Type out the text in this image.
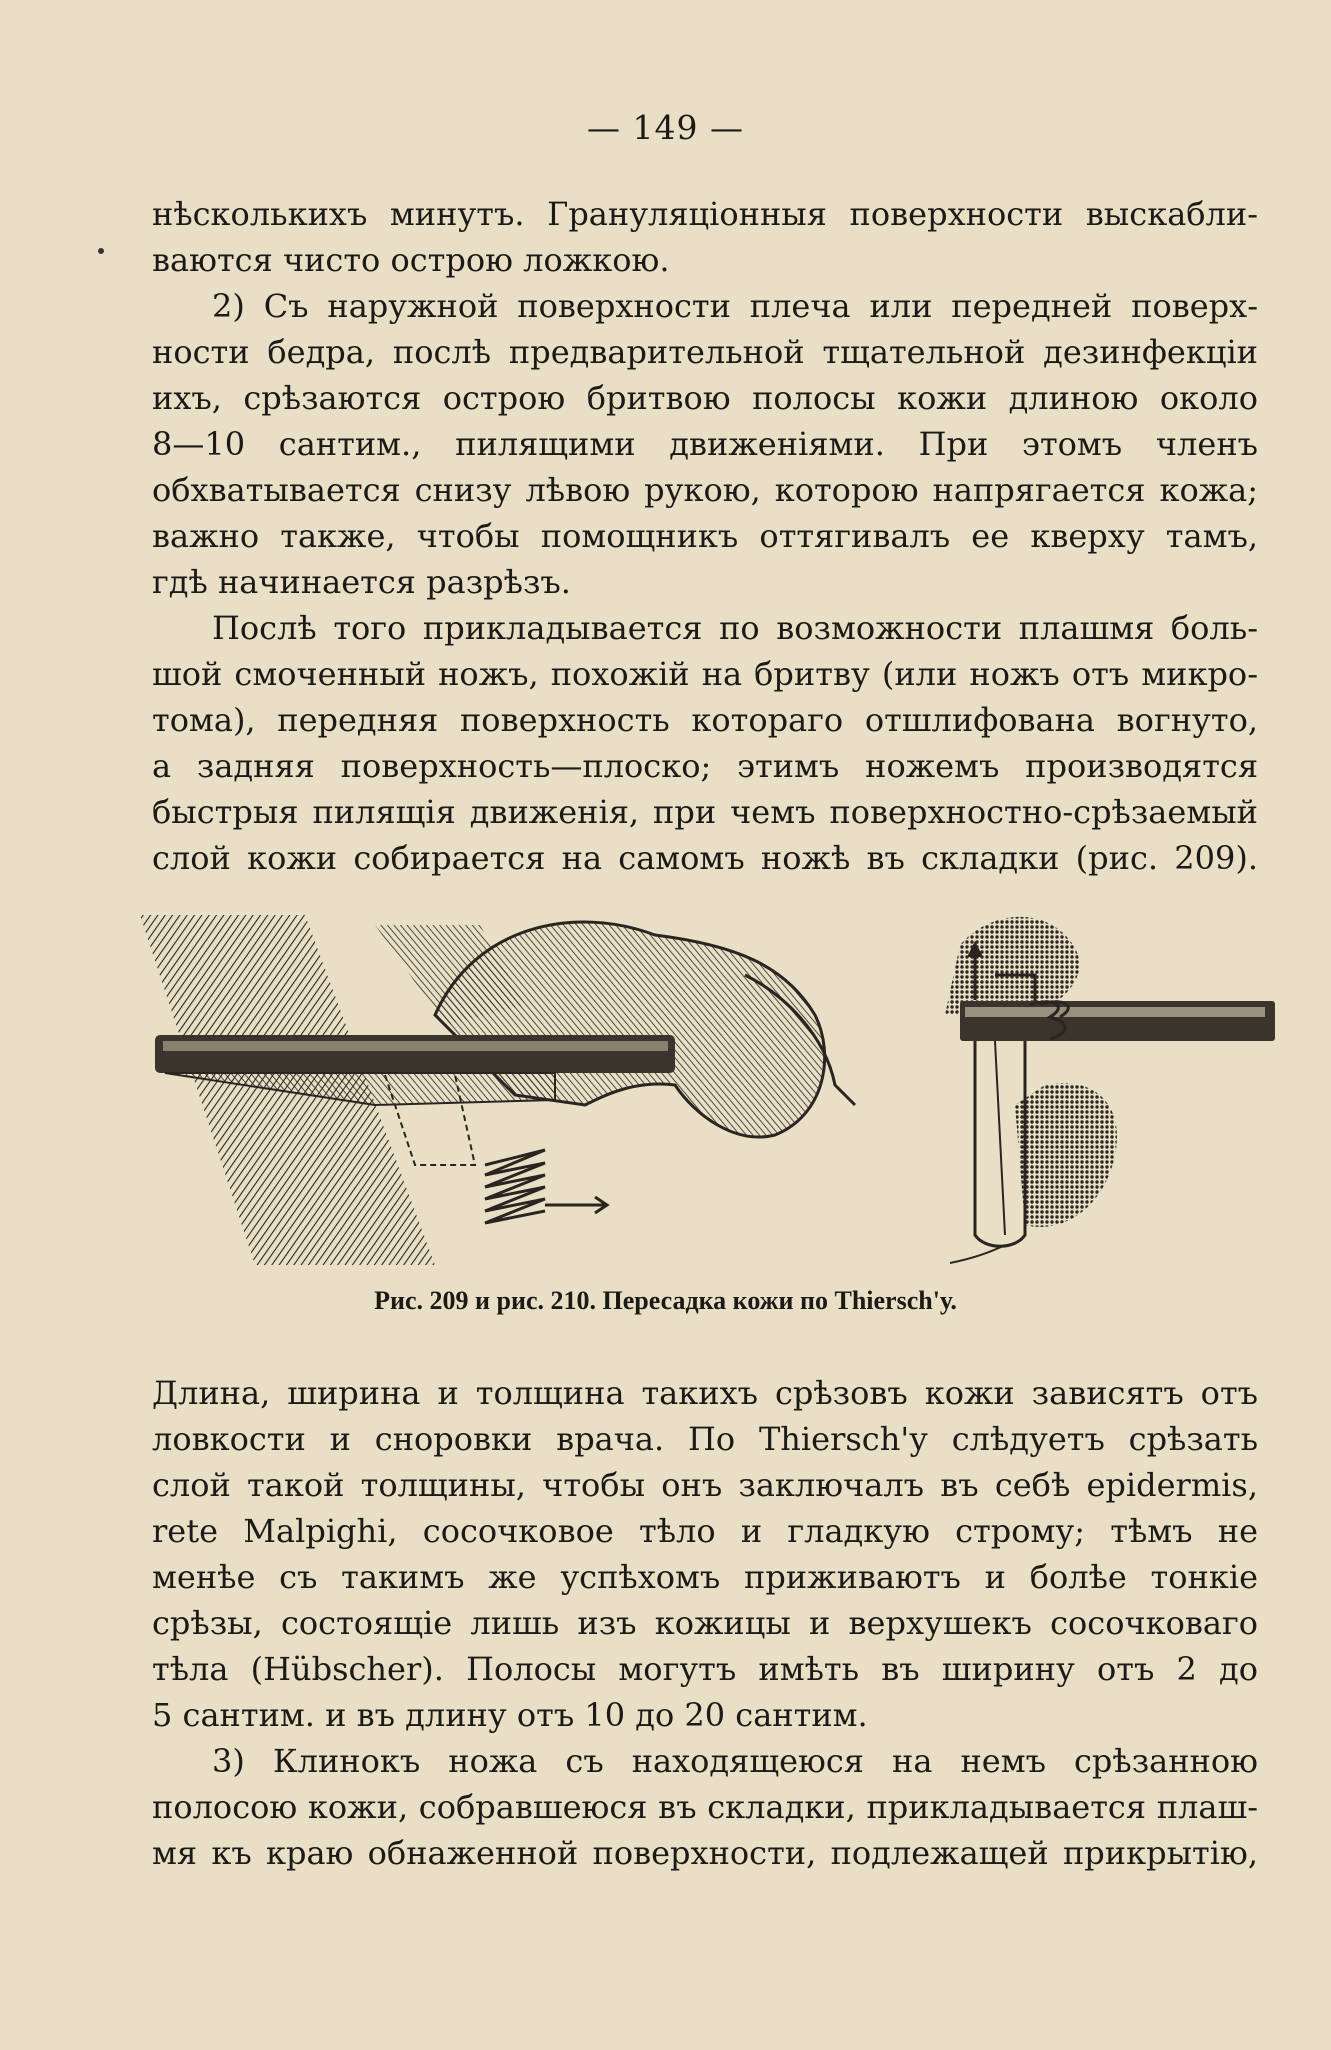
— 149 —
нѣсколькихъ минутъ. Грануляціонныя поверхности выскабли-
ваются чисто острою ложкою.
2) Съ наружной поверхности плеча или передней поверх-
ности бедра, послѣ предварительной тщательной дезинфекціи
ихъ, срѣзаются острою бритвою полосы кожи длиною около
8—10 сантим., пилящими движеніями. При этомъ членъ
обхватывается снизу лѣвою рукою, которою напрягается кожа;
важно также, чтобы помощникъ оттягивалъ ее кверху тамъ,
гдѣ начинается разрѣзъ.
Послѣ того прикладывается по возможности плашмя боль-
шой смоченный ножъ, похожій на бритву (или ножъ отъ микро-
тома), передняя поверхность котораго отшлифована вогнуто,
а задняя поверхность—плоско; этимъ ножемъ производятся
быстрыя пилящія движенія, при чемъ поверхностно-срѣзаемый
слой кожи собирается на самомъ ножѣ въ складки (рис. 209).
Рис. 209 и рис. 210. Пересадка кожи по Thiersch'у.
Длина, ширина и толщина такихъ срѣзовъ кожи зависятъ отъ
ловкости и сноровки врача. По Thiersch'у слѣдуетъ срѣзать
слой такой толщины, чтобы онъ заключалъ въ себѣ epidermis,
rete Malpighi, сосочковое тѣло и гладкую строму; тѣмъ не
менѣе съ такимъ же успѣхомъ приживаютъ и болѣе тонкіе
срѣзы, состоящіе лишь изъ кожицы и верхушекъ сосочковаго
тѣла (Hübscher). Полосы могутъ имѣть въ ширину отъ 2 до
5 сантим. и въ длину отъ 10 до 20 сантим.
3) Клинокъ ножа съ находящеюся на немъ срѣзанною
полосою кожи, собравшеюся въ складки, прикладывается плаш-
мя къ краю обнаженной поверхности, подлежащей прикрытію,
